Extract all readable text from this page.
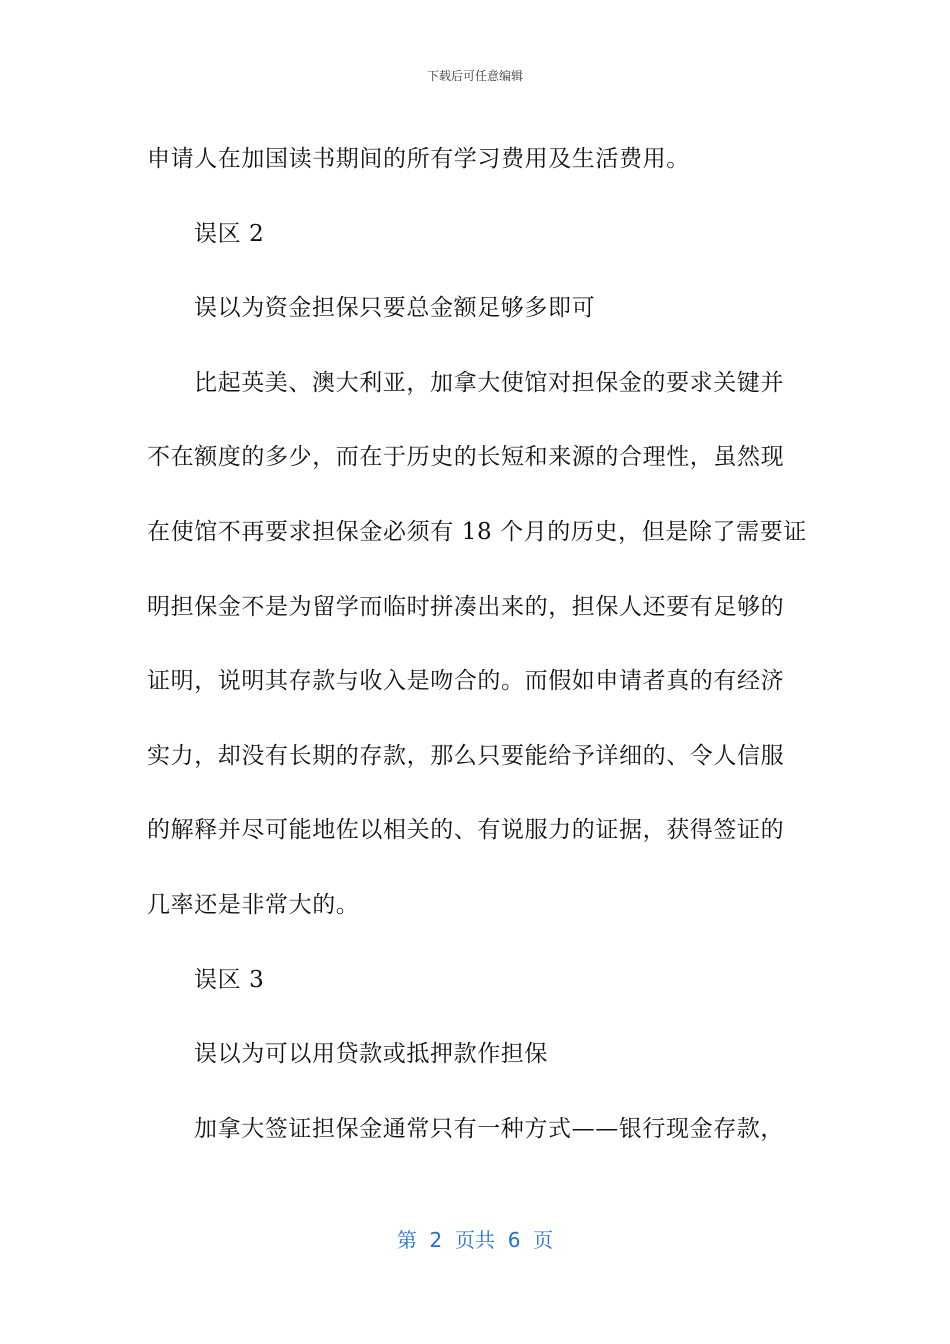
下载后可任意编辑
申请人在加国读书期间的所有学习费用及生活费用。
误区 2
误以为资金担保只要总金额足够多即可
比起英美、澳大利亚，加拿大使馆对担保金的要求关键并
不在额度的多少，而在于历史的长短和来源的合理性，虽然现
在使馆不再要求担保金必须有 18 个月的历史，但是除了需要证
明担保金不是为留学而临时拼凑出来的，担保人还要有足够的
证明，说明其存款与收入是吻合的。而假如申请者真的有经济
实力，却没有长期的存款，那么只要能给予详细的、令人信服
的解释并尽可能地佐以相关的、有说服力的证据，获得签证的
几率还是非常大的。
误区 3
误以为可以用贷款或抵押款作担保
加拿大签证担保金通常只有一种方式——银行现金存款，
第  2  页共  6  页
